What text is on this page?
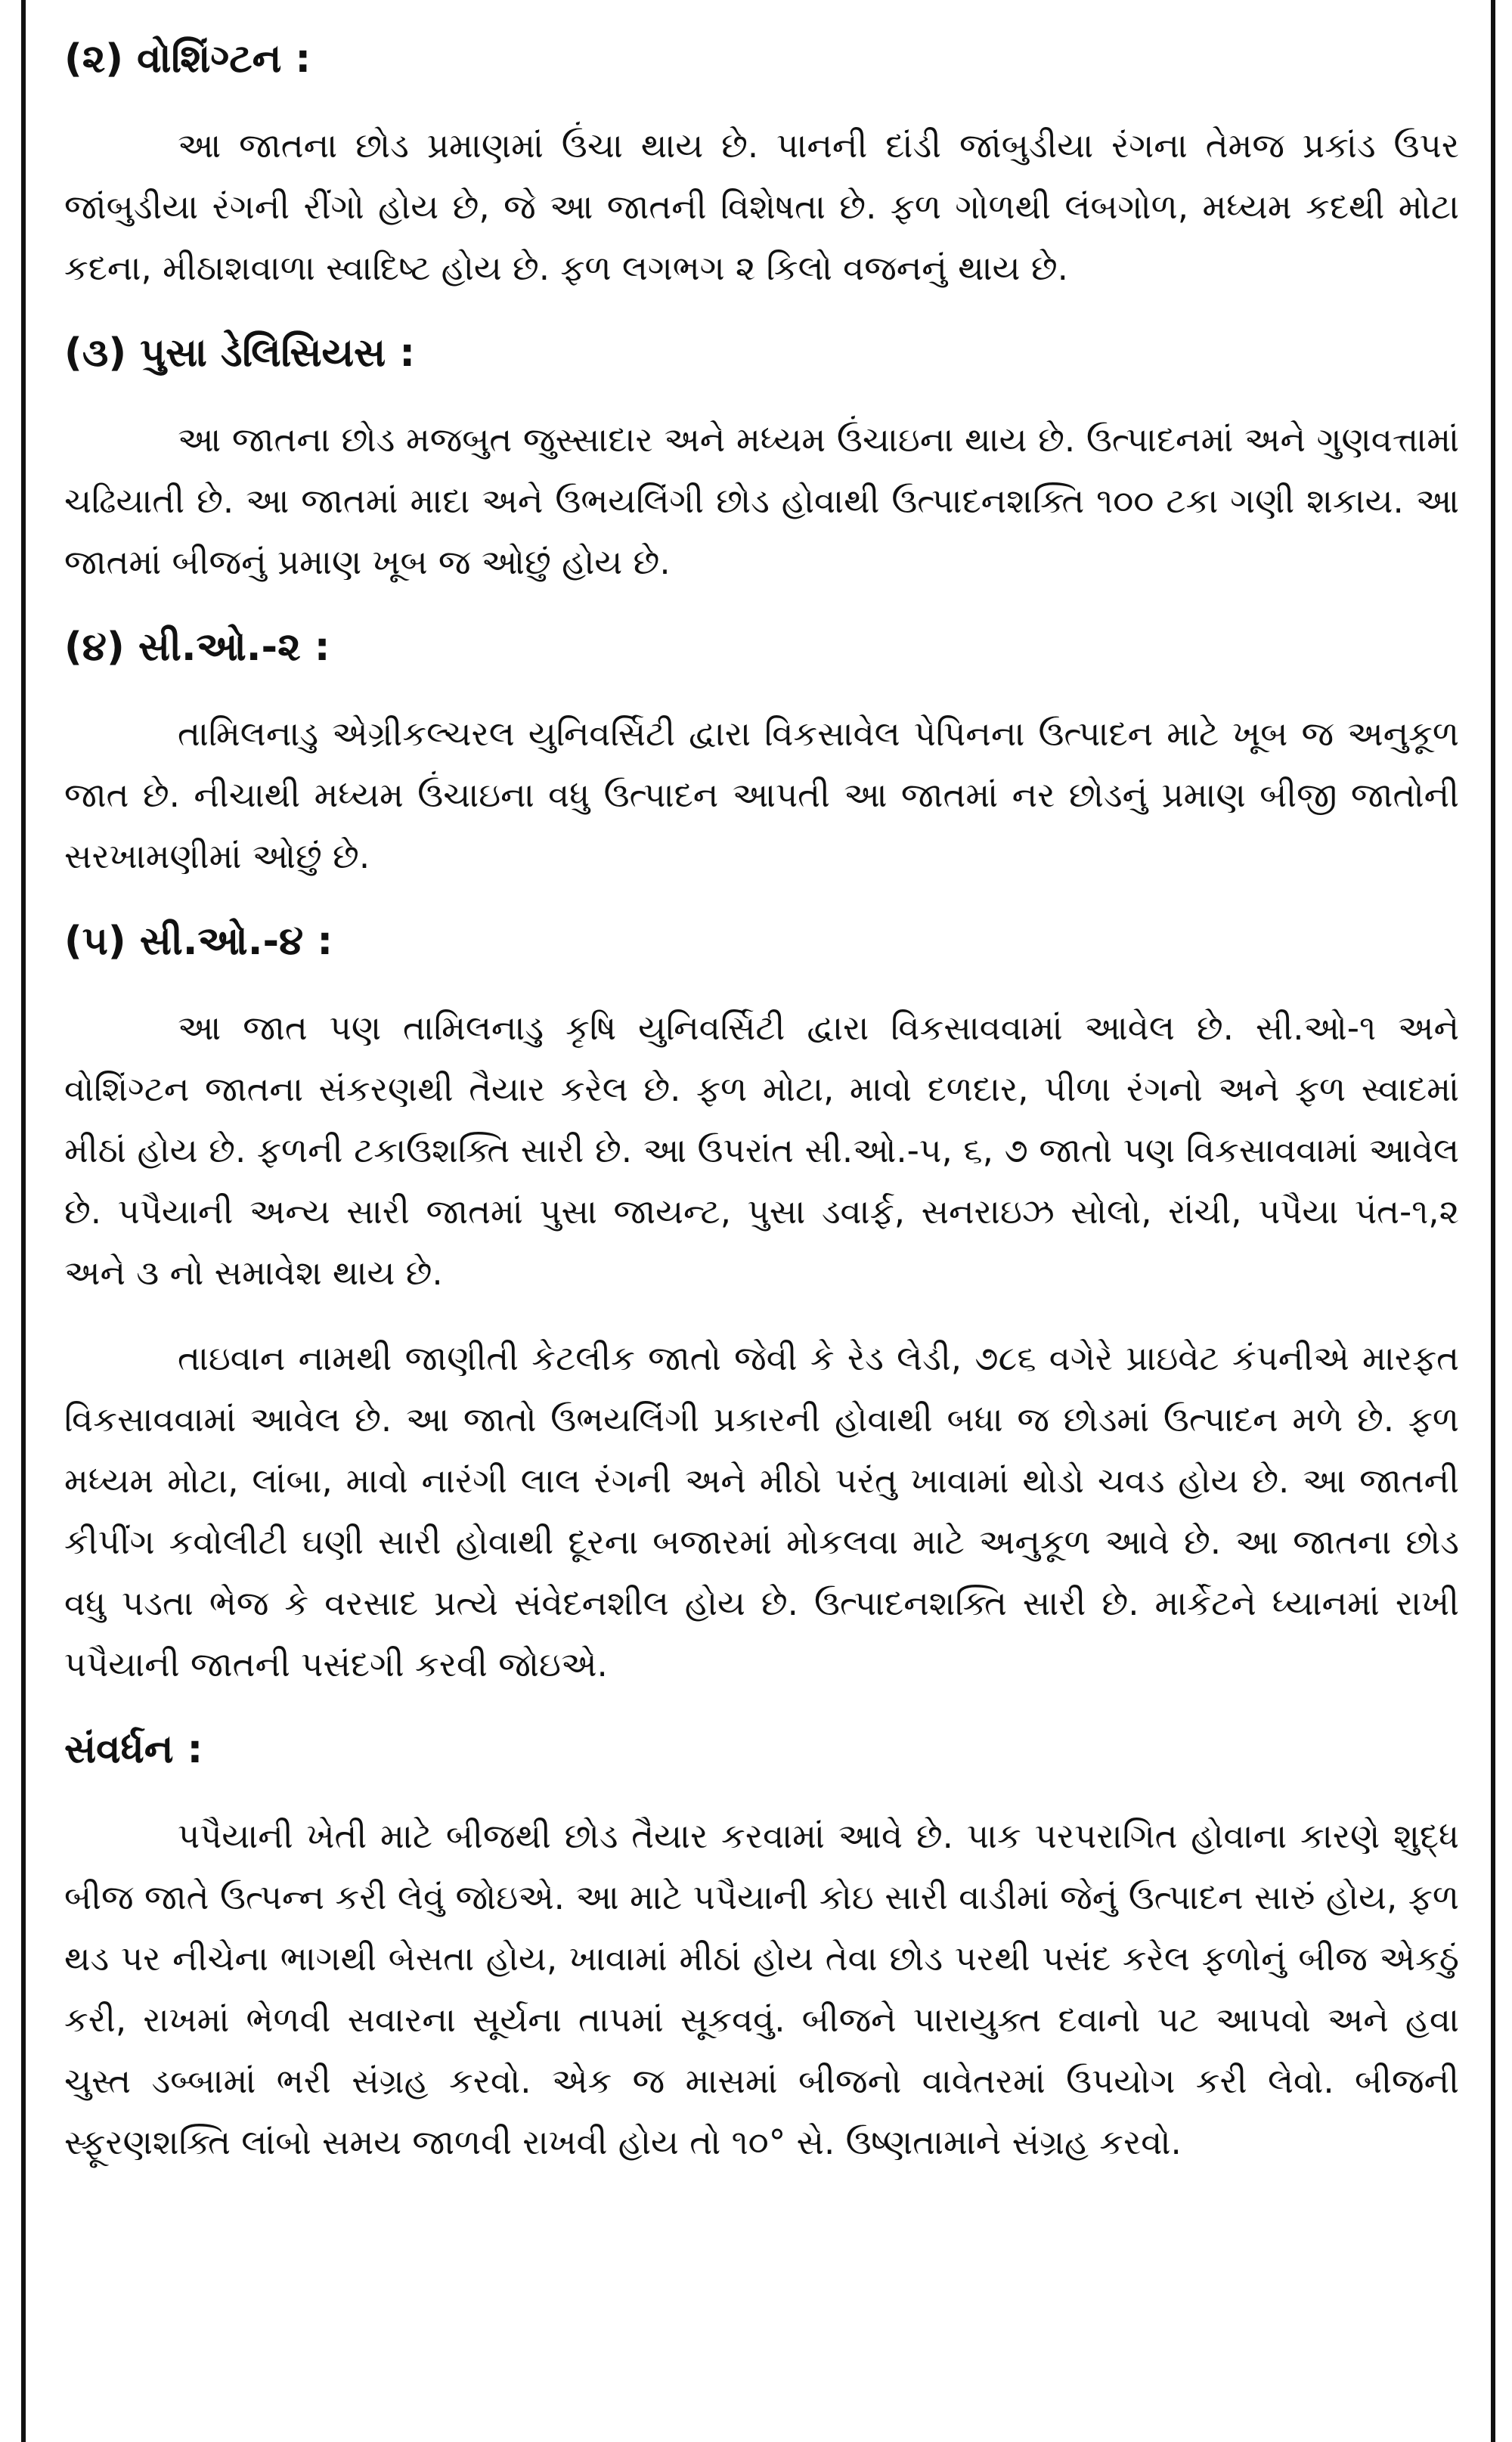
(૨) વોશિંગ્ટન :

આ જાતના છોડ પ્રમાણમાં ઉંચા થાય છે. પાનની દાંડી જાંબુડીયા રંગના તેમજ પ્રકાંડ ઉપર જાંબુડીયા રંગની રીંગો હોય છે, જે આ જાતની વિશેષતા છે. ફળ ગોળથી લંબગોળ, મધ્યમ કદથી મોટા કદના, મીઠાશવાળા સ્વાદિષ્ટ હોય છે. ફળ લગભગ ૨ કિલો વજનનું થાય છે.

(૩) પુસા ડેલિસિયસ :

આ જાતના છોડ મજબુત જુસ્સાદાર અને મધ્યમ ઉંચાઇના થાય છે. ઉત્પાદનમાં અને ગુણવત્તામાં ચઢિયાતી છે. આ જાતમાં માદા અને ઉભયલિંગી છોડ હોવાથી ઉત્પાદનશક્તિ ૧૦૦ ટકા ગણી શકાય. આ જાતમાં બીજનું પ્રમાણ ખૂબ જ ઓછું હોય છે.

(૪) સી.ઓ.-૨ :

તામિલનાડુ એગ્રીકલ્ચરલ યુનિવર્સિટી દ્વારા વિકસાવેલ પેપિનના ઉત્પાદન માટે ખૂબ જ અનુકૂળ જાત છે. નીચાથી મધ્યમ ઉંચાઇના વધુ ઉત્પાદન આપતી આ જાતમાં નર છોડનું પ્રમાણ બીજી જાતોની સરખામણીમાં ઓછું છે.

(૫) સી.ઓ.-૪ :

આ જાત પણ તામિલનાડુ કૃષિ યુનિવર્સિટી દ્વારા વિકસાવવામાં આવેલ છે. સી.ઓ-૧ અને વોશિંગ્ટન જાતના સંકરણથી તૈયાર કરેલ છે. ફળ મોટા, માવો દળદાર, પીળા રંગનો અને ફળ સ્વાદમાં મીઠાં હોય છે. ફળની ટકાઉશક્તિ સારી છે. આ ઉપરાંત સી.ઓ.-૫, ૬, ૭ જાતો પણ વિકસાવવામાં આવેલ છે. પપૈયાની અન્ય સારી જાતમાં પુસા જાયન્ટ, પુસા ડવાર્ફ, સનરાઇઝ સોલો, રાંચી, પપૈયા પંત-૧,૨ અને ૩ નો સમાવેશ થાય છે.

તાઇવાન નામથી જાણીતી કેટલીક જાતો જેવી કે રેડ લેડી, ૭૮૬ વગેરે પ્રાઇવેટ કંપનીએ મારફત વિકસાવવામાં આવેલ છે. આ જાતો ઉભયલિંગી પ્રકારની હોવાથી બધા જ છોડમાં ઉત્પાદન મળે છે. ફળ મધ્યમ મોટા, લાંબા, માવો નારંગી લાલ રંગની અને મીઠો પરંતુ ખાવામાં થોડો ચવડ હોય છે. આ જાતની કીપીંગ કવોલીટી ઘણી સારી હોવાથી દૂરના બજારમાં મોકલવા માટે અનુકૂળ આવે છે. આ જાતના છોડ વધુ પડતા ભેજ કે વરસાદ પ્રત્યે સંવેદનશીલ હોય છે. ઉત્પાદનશક્તિ સારી છે. માર્કેટને ધ્યાનમાં રાખી પપૈયાની જાતની પસંદગી કરવી જોઇએ.

સંવર્ધન :

પપૈયાની ખેતી માટે બીજથી છોડ તૈયાર કરવામાં આવે છે. પાક પરપરાગિત હોવાના કારણે શુદ્ધ બીજ જાતે ઉત્પન્ન કરી લેવું જોઇએ. આ માટે પપૈયાની કોઇ સારી વાડીમાં જેનું ઉત્પાદન સારું હોય, ફળ થડ પર નીચેના ભાગથી બેસતા હોય, ખાવામાં મીઠાં હોય તેવા છોડ પરથી પસંદ કરેલ ફળોનું બીજ એકઠું કરી, રાખમાં ભેળવી સવારના સૂર્યના તાપમાં સૂકવવું. બીજને પારાયુક્ત દવાનો પટ આપવો અને હવા ચુસ્ત ડબ્બામાં ભરી સંગ્રહ કરવો. એક જ માસમાં બીજનો વાવેતરમાં ઉપયોગ કરી લેવો. બીજની સ્ફૂરણશક્તિ લાંબો સમય જાળવી રાખવી હોય તો ૧૦° સે. ઉષ્ણતામાને સંગ્રહ કરવો.
